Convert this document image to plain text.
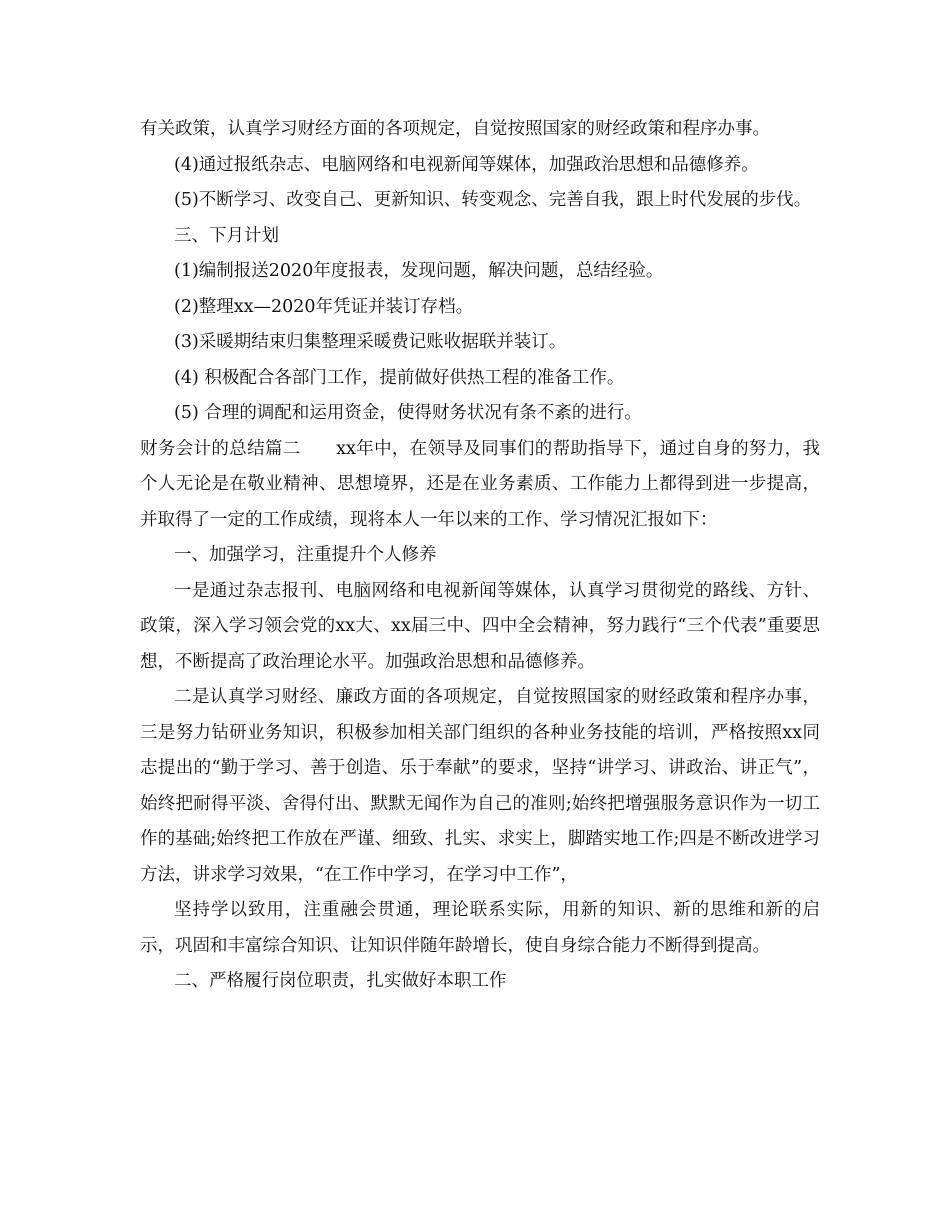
有关政策，认真学习财经方面的各项规定，自觉按照国家的财经政策和程序办事。

(4)通过报纸杂志、电脑网络和电视新闻等媒体，加强政治思想和品德修养。

(5)不断学习、改变自己、更新知识、转变观念、完善自我，跟上时代发展的步伐。

三、下月计划

(1)编制报送2020年度报表，发现问题，解决问题，总结经验。

(2)整理xx—2020年凭证并装订存档。

(3)采暖期结束归集整理采暖费记账收据联并装订。

(4) 积极配合各部门工作，提前做好供热工程的准备工作。

(5) 合理的调配和运用资金，使得财务状况有条不紊的进行。

财务会计的总结篇二      xx年中，在领导及同事们的帮助指导下，通过自身的努力，我个人无论是在敬业精神、思想境界，还是在业务素质、工作能力上都得到进一步提高，并取得了一定的工作成绩，现将本人一年以来的工作、学习情况汇报如下：

一、加强学习，注重提升个人修养

一是通过杂志报刊、电脑网络和电视新闻等媒体，认真学习贯彻党的路线、方针、政策，深入学习领会党的xx大、xx届三中、四中全会精神，努力践行“三个代表”重要思想，不断提高了政治理论水平。加强政治思想和品德修养。

二是认真学习财经、廉政方面的各项规定，自觉按照国家的财经政策和程序办事，三是努力钻研业务知识，积极参加相关部门组织的各种业务技能的培训，严格按照xx同志提出的“勤于学习、善于创造、乐于奉献”的要求，坚持“讲学习、讲政治、讲正气”，始终把耐得平淡、舍得付出、默默无闻作为自己的准则;始终把增强服务意识作为一切工作的基础;始终把工作放在严谨、细致、扎实、求实上，脚踏实地工作;四是不断改进学习方法，讲求学习效果，“在工作中学习，在学习中工作”，

坚持学以致用，注重融会贯通，理论联系实际，用新的知识、新的思维和新的启示，巩固和丰富综合知识、让知识伴随年龄增长，使自身综合能力不断得到提高。

二、严格履行岗位职责，扎实做好本职工作
